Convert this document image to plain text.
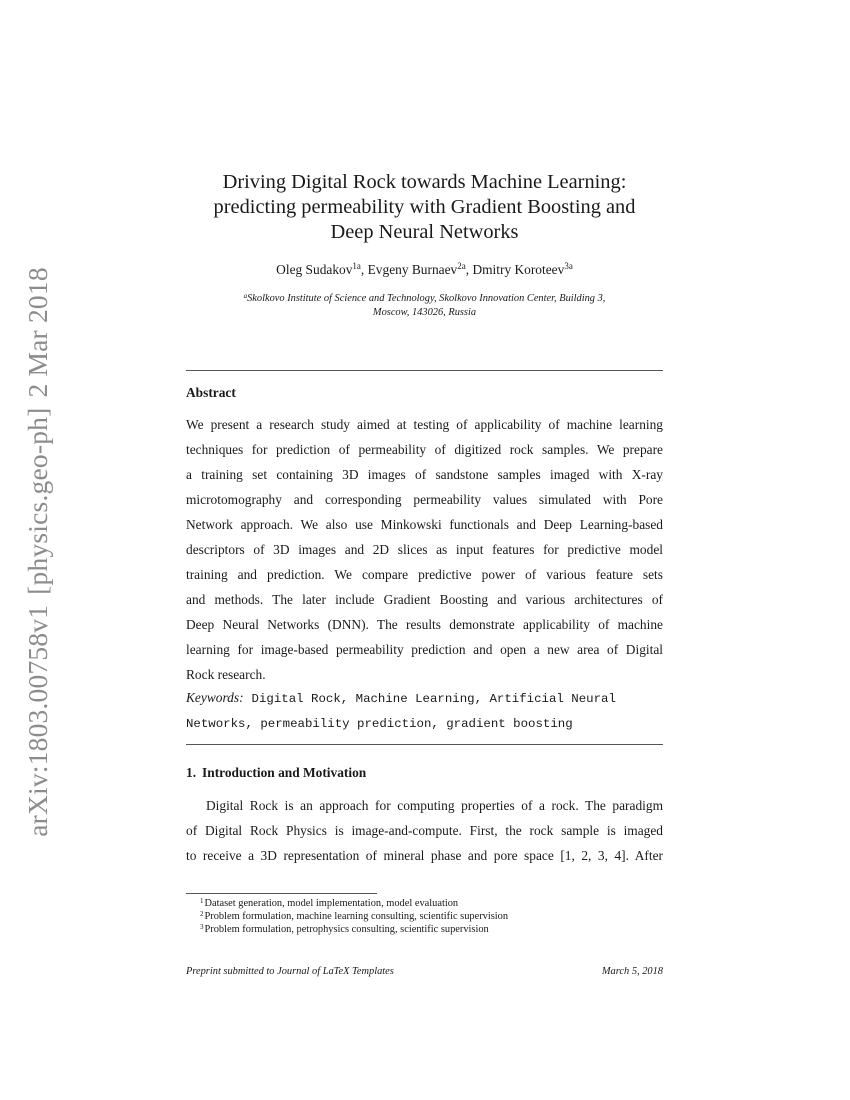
arXiv:1803.00758v1[physics.geo-ph]2 Mar 2018
Driving Digital Rock towards Machine Learning:
predicting permeability with Gradient Boosting and
Deep Neural Networks
Oleg Sudakov$^{1a}$, Evgeny Burnaev$^{2a}$, Dmitry Koroteev$^{3a}$
$^a$Skolkovo Institute of Science and Technology, Skolkovo Innovation Center, Building 3,
Moscow, 143026, Russia
Abstract
We present a research study aimed at testing of applicability of machine learning
techniques for prediction of permeability of digitized rock samples. We prepare
a training set containing 3D images of sandstone samples imaged with X-ray
microtomography and corresponding permeability values simulated with Pore
Network approach. We also use Minkowski functionals and Deep Learning-based
descriptors of 3D images and 2D slices as input features for predictive model
training and prediction. We compare predictive power of various feature sets
and methods. The later include Gradient Boosting and various architectures of
Deep Neural Networks (DNN). The results demonstrate applicability of machine
learning for image-based permeability prediction and open a new area of Digital
Rock research.
Keywords: Digital Rock, Machine Learning, Artificial Neural
Networks, permeability prediction, gradient boosting
1. Introduction and Motivation
Digital Rock is an approach for computing properties of a rock. The paradigm
of Digital Rock Physics is image-and-compute. First, the rock sample is imaged
to receive a 3D representation of mineral phase and pore space [1, 2, 3, 4]. After
$^1$Dataset generation, model implementation, model evaluation
$^2$Problem formulation, machine learning consulting, scientific supervision
$^3$Problem formulation, petrophysics consulting, scientific supervision
Preprint submitted to Journal of LaTeX Templates	March 5, 2018
